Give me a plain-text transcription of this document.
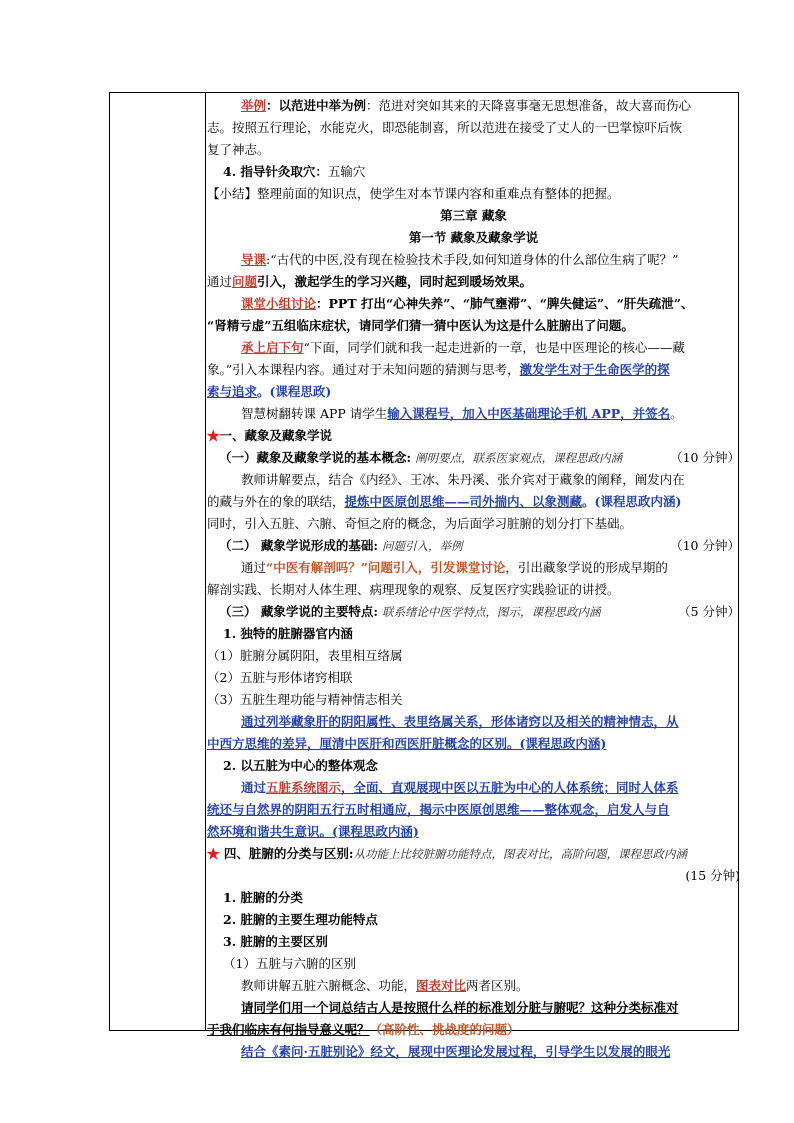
举例：以范进中举为例：范进对突如其来的天降喜事毫无思想准备，故大喜而伤心
志。按照五行理论，水能克火，即恐能制喜，所以范进在接受了丈人的一巴掌惊吓后恢
复了神志。
4. 指导针灸取穴：五输穴
【小结】整理前面的知识点，使学生对本节课内容和重难点有整体的把握。
第三章 藏象
第一节 藏象及藏象学说
导课:“古代的中医,没有现在检验技术手段,如何知道身体的什么部位生病了呢？”
通过问题引入，激起学生的学习兴趣，同时起到暖场效果。
课堂小组讨论：PPT 打出“心神失养”、“肺气壅滞”、“脾失健运”、“肝失疏泄”、
“肾精亏虚”五组临床症状，请同学们猜一猜中医认为这是什么脏腑出了问题。
承上启下句“下面，同学们就和我一起走进新的一章，也是中医理论的核心——藏
象。”引入本课程内容。通过对于未知问题的猜测与思考，激发学生对于生命医学的探
索与追求。(课程思政)
智慧树翻转课 APP 请学生输入课程号，加入中医基础理论手机 APP，并签名。
★一、藏象及藏象学说
（一）藏象及藏象学说的基本概念: 阐明要点，联系医家观点，课程思政内涵	（10 分钟）
教师讲解要点，结合《内经》、王冰、朱丹溪、张介宾对于藏象的阐释，阐发内在
的藏与外在的象的联结，提炼中医原创思维——司外揣内、以象测藏。(课程思政内涵)
同时，引入五脏、六腑、奇恒之府的概念，为后面学习脏腑的划分打下基础。
（二） 藏象学说形成的基础: 问题引入，举例	（10 分钟）
通过“中医有解剖吗？”问题引入，引发课堂讨论，引出藏象学说的形成早期的
解剖实践、长期对人体生理、病理现象的观察、反复医疗实践验证的讲授。
（三） 藏象学说的主要特点: 联系绪论中医学特点，图示，课程思政内涵	（5 分钟）
1. 独特的脏腑器官内涵
（1）脏腑分属阴阳，表里相互络属
（2）五脏与形体诸窍相联
（3）五脏生理功能与精神情志相关
通过列举藏象肝的阴阳属性、表里络属关系，形体诸窍以及相关的精神情志，从
中西方思维的差异，厘清中医肝和西医肝脏概念的区别。(课程思政内涵)
2. 以五脏为中心的整体观念
通过五脏系统图示，全面、直观展现中医以五脏为中心的人体系统；同时人体系
统还与自然界的阴阳五行五时相通应，揭示中医原创思维——整体观念，启发人与自
然环境和谐共生意识。(课程思政内涵)
★ 四、脏腑的分类与区别:从功能上比较脏腑功能特点，图表对比，高阶问题，课程思政内涵
(15 分钟)
1. 脏腑的分类
2. 脏腑的主要生理功能特点
3. 脏腑的主要区别
（1）五脏与六腑的区别
教师讲解五脏六腑概念、功能，图表对比两者区别。
请同学们用一个词总结古人是按照什么样的标准划分脏与腑呢？这种分类标准对
于我们临床有何指导意义呢？（高阶性、挑战度的问题）
结合《素问·五脏别论》经文，展现中医理论发展过程，引导学生以发展的眼光
